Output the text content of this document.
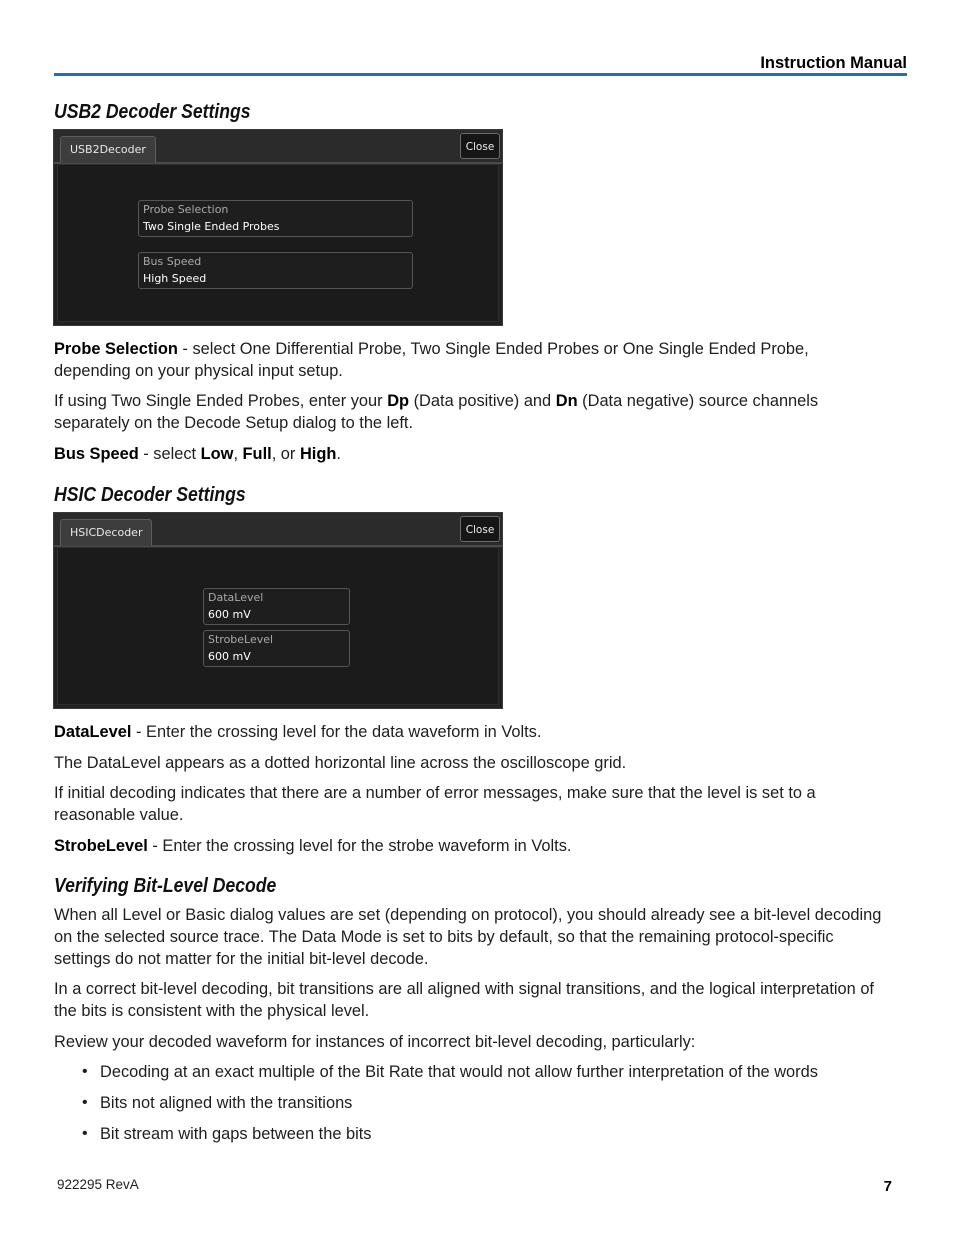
Instruction Manual
USB2 Decoder Settings
USB2Decoder	Close
Probe Selection
Two Single Ended Probes
Bus Speed
High Speed

Probe Selection - select One Differential Probe, Two Single Ended Probes or One Single Ended Probe, depending on your physical input setup.

If using Two Single Ended Probes, enter your Dp (Data positive) and Dn (Data negative) source channels separately on the Decode Setup dialog to the left.

Bus Speed - select Low, Full, or High.

HSIC Decoder Settings
HSICDecoder	Close
DataLevel
600 mV
StrobeLevel
600 mV

DataLevel - Enter the crossing level for the data waveform in Volts.

The DataLevel appears as a dotted horizontal line across the oscilloscope grid.

If initial decoding indicates that there are a number of error messages, make sure that the level is set to a reasonable value.

StrobeLevel - Enter the crossing level for the strobe waveform in Volts.

Verifying Bit-Level Decode

When all Level or Basic dialog values are set (depending on protocol), you should already see a bit-level decoding on the selected source trace. The Data Mode is set to bits by default, so that the remaining protocol-specific settings do not matter for the initial bit-level decode.

In a correct bit-level decoding, bit transitions are all aligned with signal transitions, and the logical interpretation of the bits is consistent with the physical level.

Review your decoded waveform for instances of incorrect bit-level decoding, particularly:

• Decoding at an exact multiple of the Bit Rate that would not allow further interpretation of the words
• Bits not aligned with the transitions
• Bit stream with gaps between the bits
922295 RevA	7
